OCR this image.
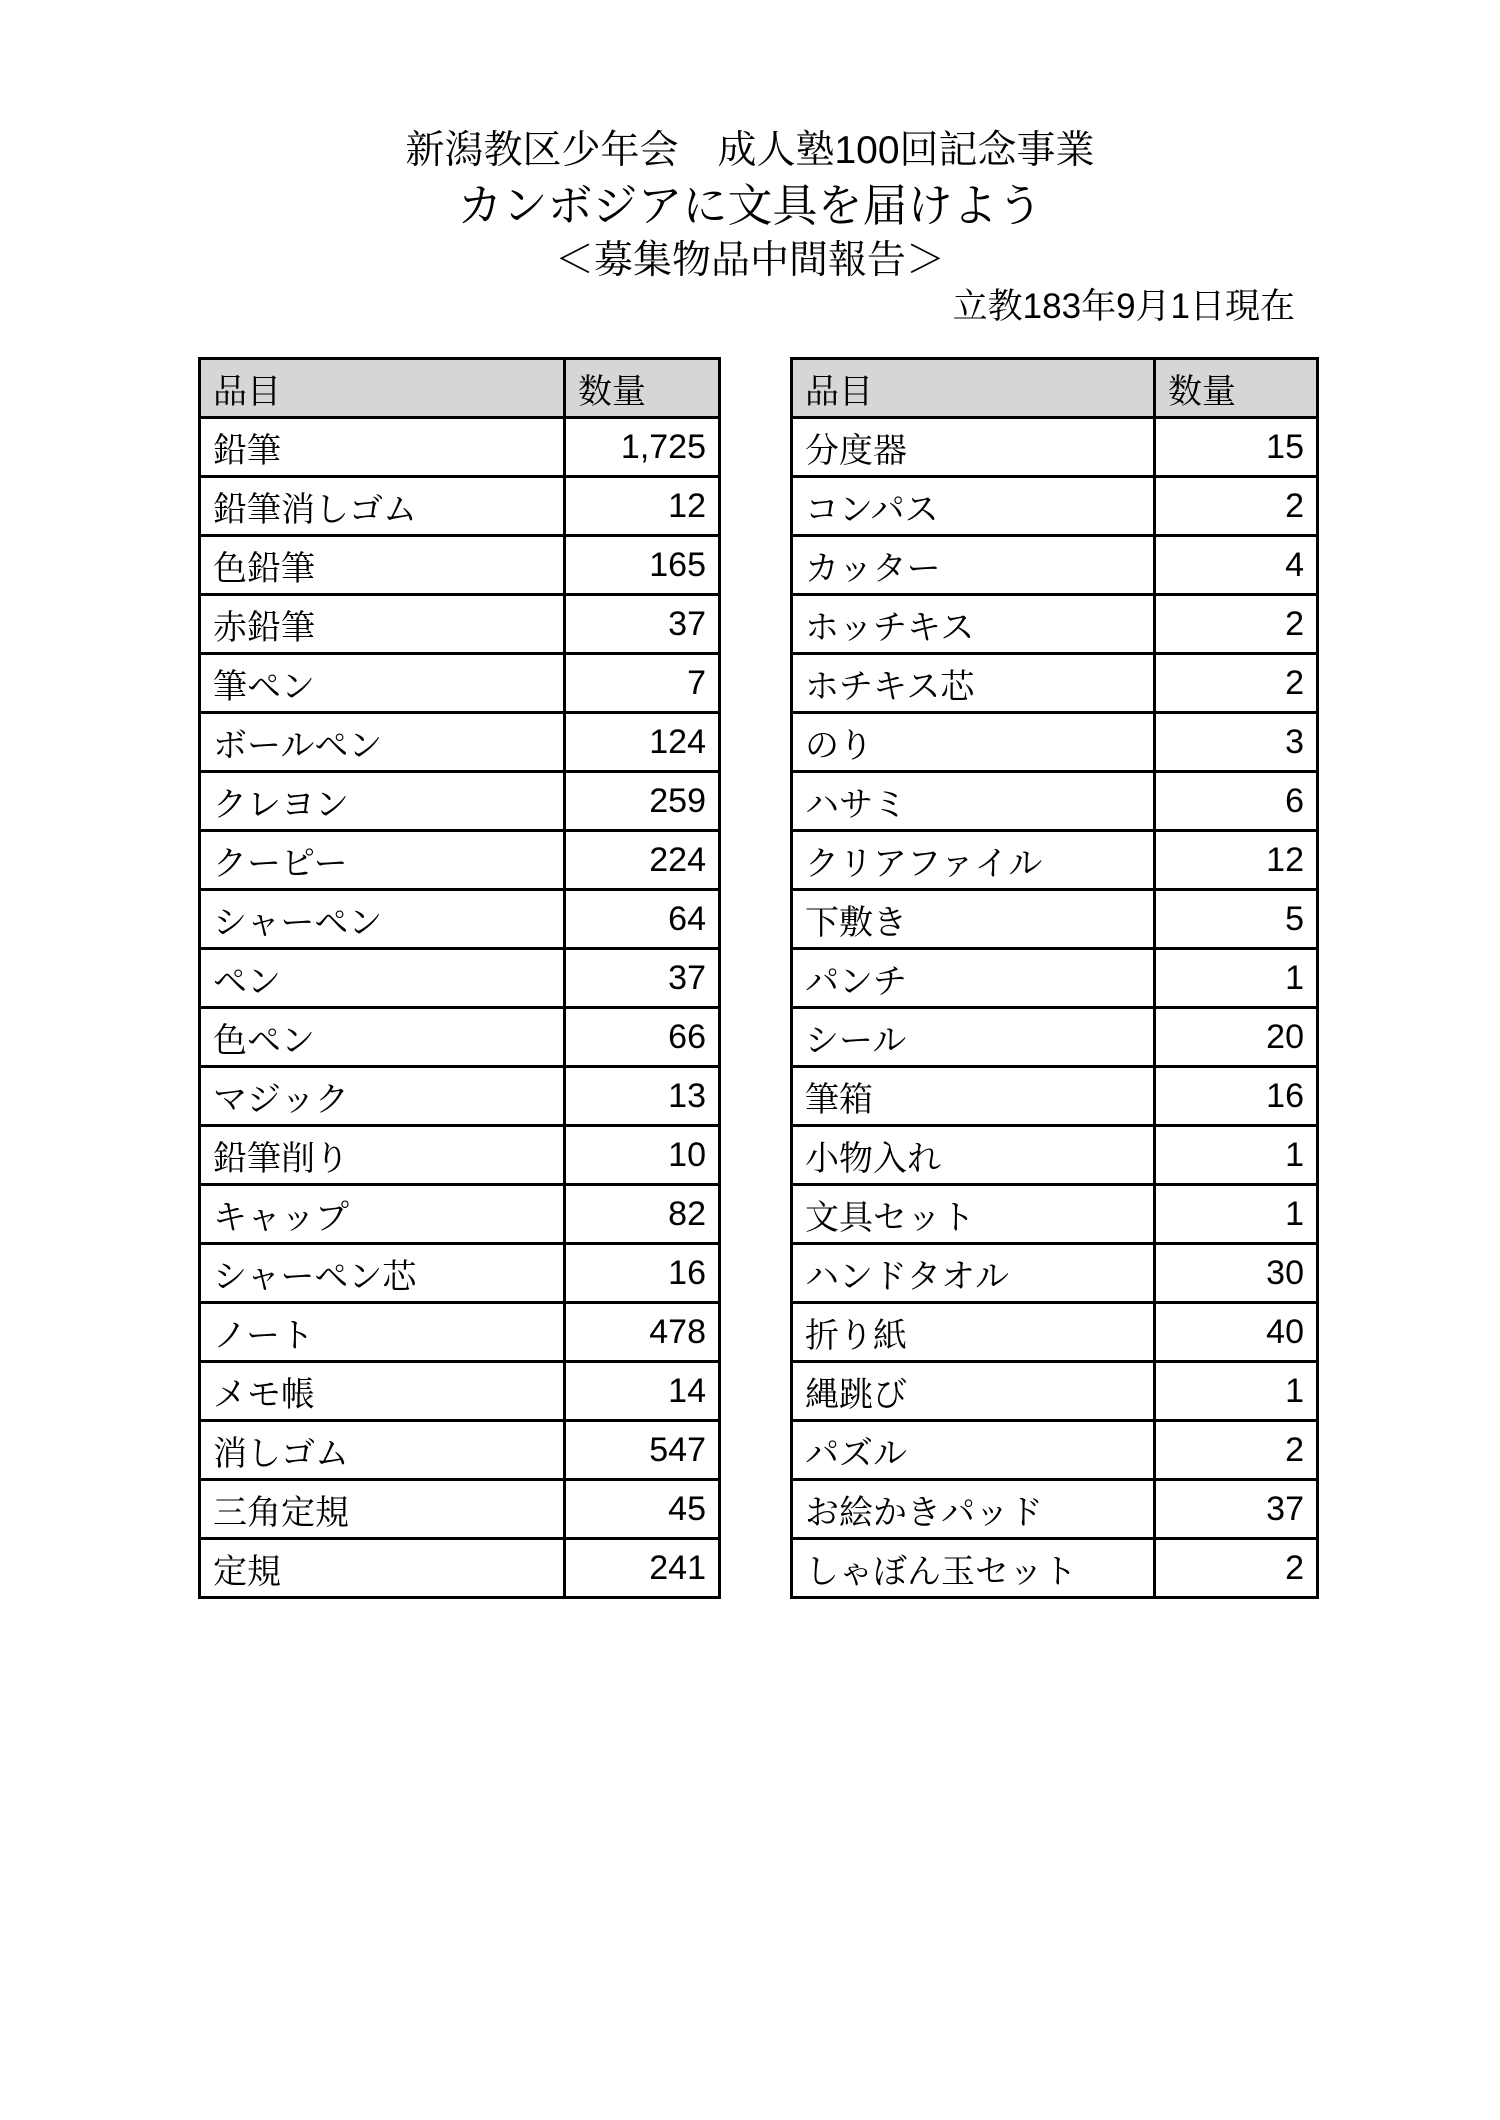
新潟教区少年会　成人塾100回記念事業
カンボジアに文具を届けよう
＜募集物品中間報告＞
立教183年9月1日現在
品目	数量
鉛筆	1,725
鉛筆消しゴム	12
色鉛筆	165
赤鉛筆	37
筆ペン	7
ボールペン	124
クレヨン	259
クーピー	224
シャーペン	64
ペン	37
色ペン	66
マジック	13
鉛筆削り	10
キャップ	82
シャーペン芯	16
ノート	478
メモ帳	14
消しゴム	547
三角定規	45
定規	241
品目	数量
分度器	15
コンパス	2
カッター	4
ホッチキス	2
ホチキス芯	2
のり	3
ハサミ	6
クリアファイル	12
下敷き	5
パンチ	1
シール	20
筆箱	16
小物入れ	1
文具セット	1
ハンドタオル	30
折り紙	40
縄跳び	1
パズル	2
お絵かきパッド	37
しゃぼん玉セット	2
